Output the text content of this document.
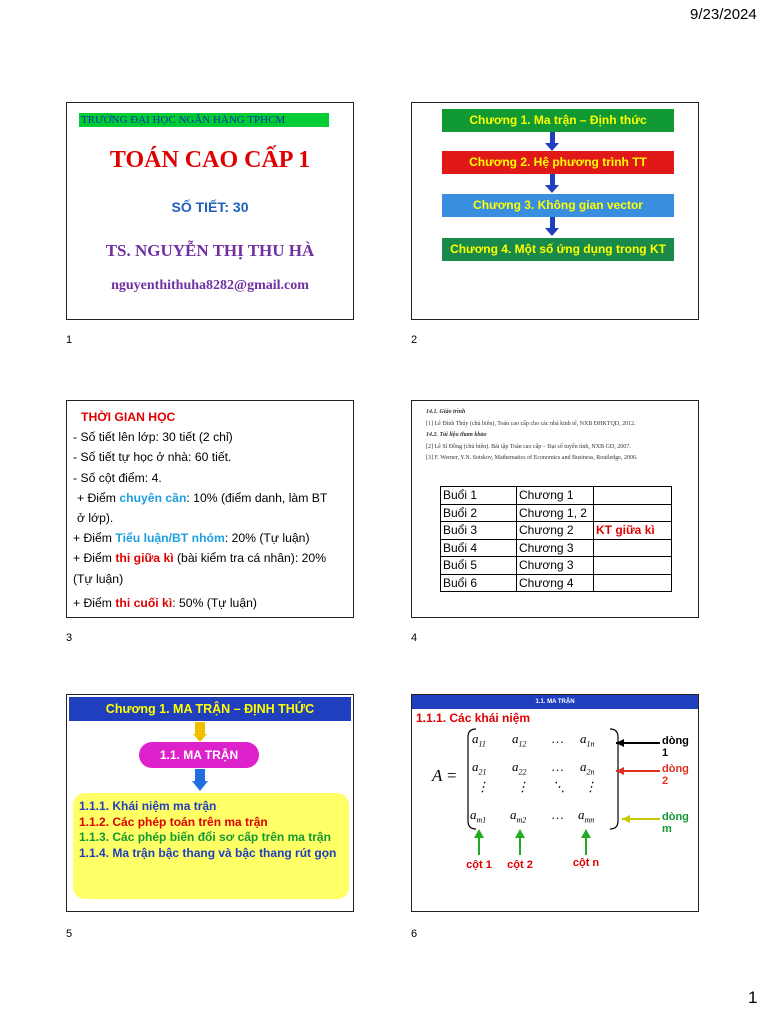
9/23/2024
TRƯỜNG ĐẠI HỌC NGÂN HÀNG TPHCM
TOÁN CAO CẤP 1
SỐ TIẾT: 30
TS. NGUYỄN THỊ THU HÀ
nguyenthithuha8282@gmail.com
1
Chương 1. Ma trận – Định thức
Chương 2. Hệ phương trình TT
Chương 3. Không gian vector
Chương 4. Một số ứng dụng trong KT
2
THỜI GIAN HỌC
- Số tiết lên lớp: 30 tiết (2 chỉ)
- Số tiết tự học ở nhà: 60 tiết.
- Số cột điểm: 4.
+ Điểm chuyên cần: 10% (điểm danh, làm BT
ở lớp).
+ Điểm Tiểu luận/BT nhóm: 20% (Tự luận)
+ Điểm thi giữa kì (bài kiểm tra cá nhân): 20%
(Tự luận)
+ Điểm thi cuối kì: 50% (Tự luận)
3
14.1. Giáo trình
[1] Lê Đình Thúy (chủ biên), Toán cao cấp cho các nhà kinh tế, NXB ĐHKTQD, 2012.
14.2. Tài liệu tham khảo
[2] Lê Sĩ Đồng (chủ biên). Bài tập Toán cao cấp – Đại số tuyến tính, NXB GD, 2007.
[3] F. Werner, Y.N. Sotskov, Mathematics of Economics and Business, Routledge, 2006.
Buổi 1	Chương 1	
Buổi 2	Chương 1, 2	
Buổi 3	Chương 2	KT giữa kì
Buổi 4	Chương 3	
Buổi 5	Chương 3	
Buổi 6	Chương 4	
4
Chương 1. MA TRẬN – ĐỊNH THỨC
1.1. MA TRẬN
1.1.1. Khái niệm ma trận
1.1.2. Các phép toán trên ma trận
1.1.3. Các phép biến đổi sơ cấp trên ma trận
1.1.4. Ma trận bậc thang và bậc thang rút gọn
5
1.1. MA TRẬN
1.1.1. Các khái niệm
A =
$a_{11}$ $a_{12}$ … $a_{1n}$
$a_{21}$ $a_{22}$ … $a_{2n}$
⋮ ⋮ ⋱ ⋮
$a_{m1}$ $a_{m2}$ … $a_{mn}$
dòng 1
dòng 2
dòng m
cột 1 cột 2	cột n
6
1
